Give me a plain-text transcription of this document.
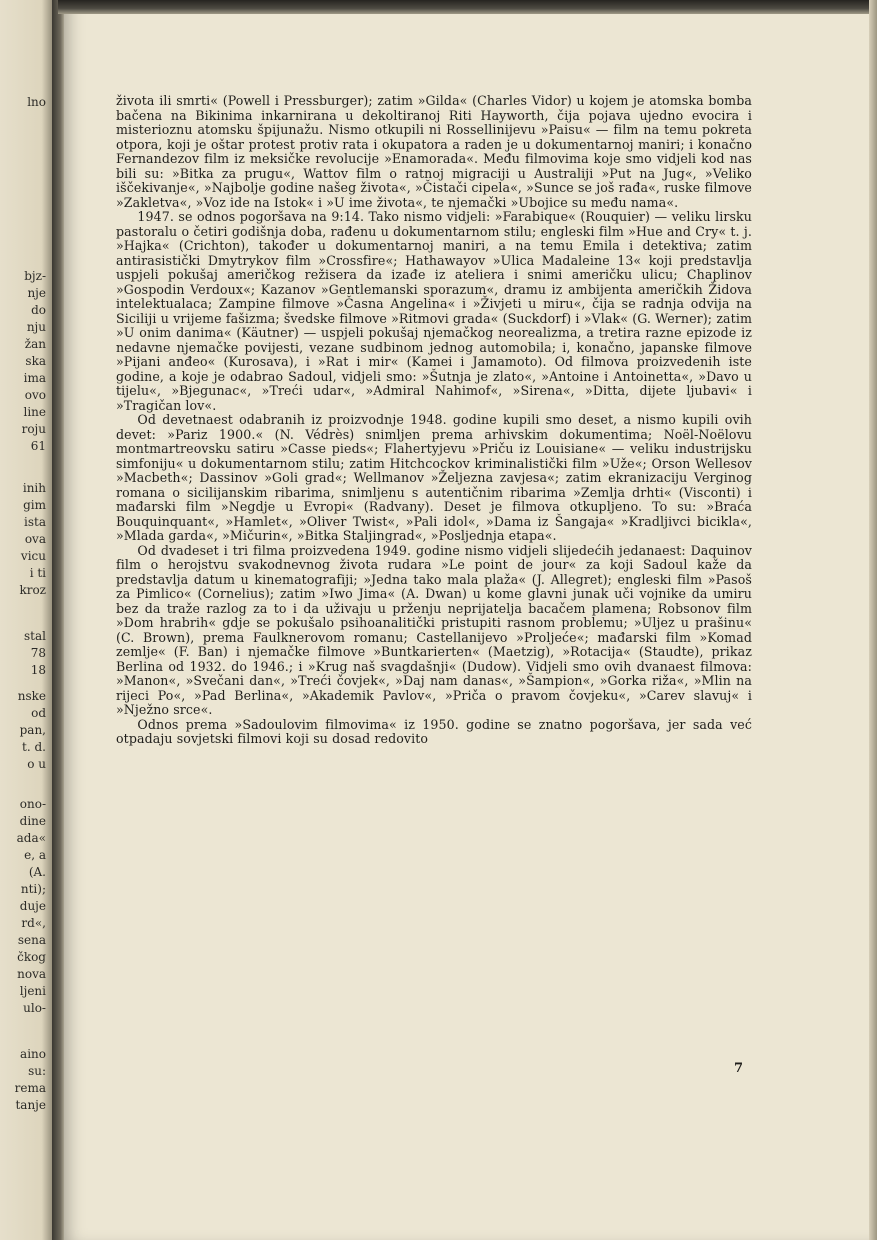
lno
bjz-
nje
do
nju
žan
ska
ima
ovo
line
roju
61
inih
gim
ista
ova
vicu
i ti
kroz
stal
78
18
nske
od
pan,
t. d.
o u
ono-
dine
ada«
e, a
(A.
nti);
duje
rd«,
sena
čkog
nova
ljeni
ulo-
aino
su:
rema
tanje

života ili smrti« (Powell i Pressburger); zatim »Gilda« (Charles Vidor) u kojem je atomska bomba bačena na Bikinima inkarnirana u dekoltiranoj Riti Hayworth, čija pojava ujedno evocira i misterioznu atomsku špijunažu. Nismo otkupili ni Rossellinijevu »Paisu« — film na temu pokreta otpora, koji je oštar protest protiv rata i okupatora a raden je u dokumentarnoj maniri; i konačno Fernandezov film iz meksičke revolucije »Enamorada«. Među filmovima koje smo vidjeli kod nas bili su: »Bitka za prugu«, Wattov film o ratnoj migraciji u Australiji »Put na Jug«, »Veliko iščekivanje«, »Najbolje godine našeg života«, »Čistači cipela«, »Sunce se još rađa«, ruske filmove »Zakletva«, »Voz ide na Istok« i »U ime života«, te njemački »Ubojice su među nama«.

1947. se odnos pogoršava na 9:14. Tako nismo vidjeli: »Farabique« (Rouquier) — veliku lirsku pastoralu o četiri godišnja doba, rađenu u dokumentarnom stilu; engleski film »Hue and Cry« t. j. »Hajka« (Crichton), također u dokumentarnoj maniri, a na temu Emila i detektiva; zatim antirasistički Dmytrykov film »Crossfire«; Hathawayov »Ulica Madaleine 13« koji predstavlja uspjeli pokušaj američkog režisera da izađe iz ateliera i snimi američku ulicu; Chaplinov »Gospodin Verdoux«; Kazanov »Gentlemanski sporazum«, dramu iz ambijenta američkih Židova intelektualaca; Zampine filmove »Časna Angelina« i »Živjeti u miru«, čija se radnja odvija na Siciliji u vrijeme fašizma; švedske filmove »Ritmovi grada« (Suckdorf) i »Vlak« (G. Werner); zatim »U onim danima« (Käutner) — uspjeli pokušaj njemačkog neorealizma, a tretira razne epizode iz nedavne njemačke povijesti, vezane sudbinom jednog automobila; i, konačno, japanske filmove »Pijani anđeo« (Kurosava), i »Rat i mir« (Kamei i Jamamoto). Od filmova proizvedenih iste godine, a koje je odabrao Sadoul, vidjeli smo: »Šutnja je zlato«, »Antoine i Antoinetta«, »Davo u tijelu«, »Bjegunac«, »Treći udar«, »Admiral Nahimof«, »Sirena«, »Ditta, dijete ljubavi« i »Tragičan lov«.

Od devetnaest odabranih iz proizvodnje 1948. godine kupili smo deset, a nismo kupili ovih devet: »Pariz 1900.« (N. Védrès) snimljen prema arhivskim dokumentima; Noël-Noëlovu montmartreovsku satiru »Casse pieds«; Flahertyjevu »Priču iz Louisiane« — veliku industrijsku simfoniju« u dokumentarnom stilu; zatim Hitchcockov kriminalistički film »Uže«; Orson Wellesov »Macbeth«; Dassinov »Goli grad«; Wellmanov »Željezna zavjesa«; zatim ekranizaciju Verginog romana o sicilijanskim ribarima, snimljenu s autentičnim ribarima »Zemlja drhti« (Visconti) i mađarski film »Negdje u Evropi« (Radvany). Deset je filmova otkupljeno. To su: »Braća Bouquinquant«, »Hamlet«, »Oliver Twist«, »Pali idol«, »Dama iz Šangaja« »Kradljivci bicikla«, »Mlada garda«, »Mičurin«, »Bitka Staljingrad«, »Posljednja etapa«.

Od dvadeset i tri filma proizvedena 1949. godine nismo vidjeli slijedećih jedanaest: Daquinov film o herojstvu svakodnevnog života rudara »Le point de jour« za koji Sadoul kaže da predstavlja datum u kinematografiji; »Jedna tako mala plaža« (J. Allegret); engleski film »Pasoš za Pimlico« (Cornelius); zatim »Iwo Jima« (A. Dwan) u kome glavni junak uči vojnike da umiru bez da traže razlog za to i da uživaju u prženju neprijatelja bacačem plamena; Robsonov film »Dom hrabrih« gdje se pokušalo psihoanalitički pristupiti rasnom problemu; »Uljez u prašinu« (C. Brown), prema Faulknerovom romanu; Castellanijevo »Proljeće«; mađarski film »Komad zemlje« (F. Ban) i njemačke filmove »Buntkarierten« (Maetzig), »Rotacija« (Staudte), prikaz Berlina od 1932. do 1946.; i »Krug naš svagdašnji« (Dudow). Vidjeli smo ovih dvanaest filmova: »Manon«, »Svečani dan«, »Treći čovjek«, »Daj nam danas«, »Šampion«, »Gorka riža«, »Mlin na rijeci Po«, »Pad Berlina«, »Akademik Pavlov«, »Priča o pravom čovjeku«, »Carev slavuj« i »Nježno srce«.

Odnos prema »Sadoulovim filmovima« iz 1950. godine se znatno pogoršava, jer sada već otpadaju sovjetski filmovi koji su dosad redovito

7
